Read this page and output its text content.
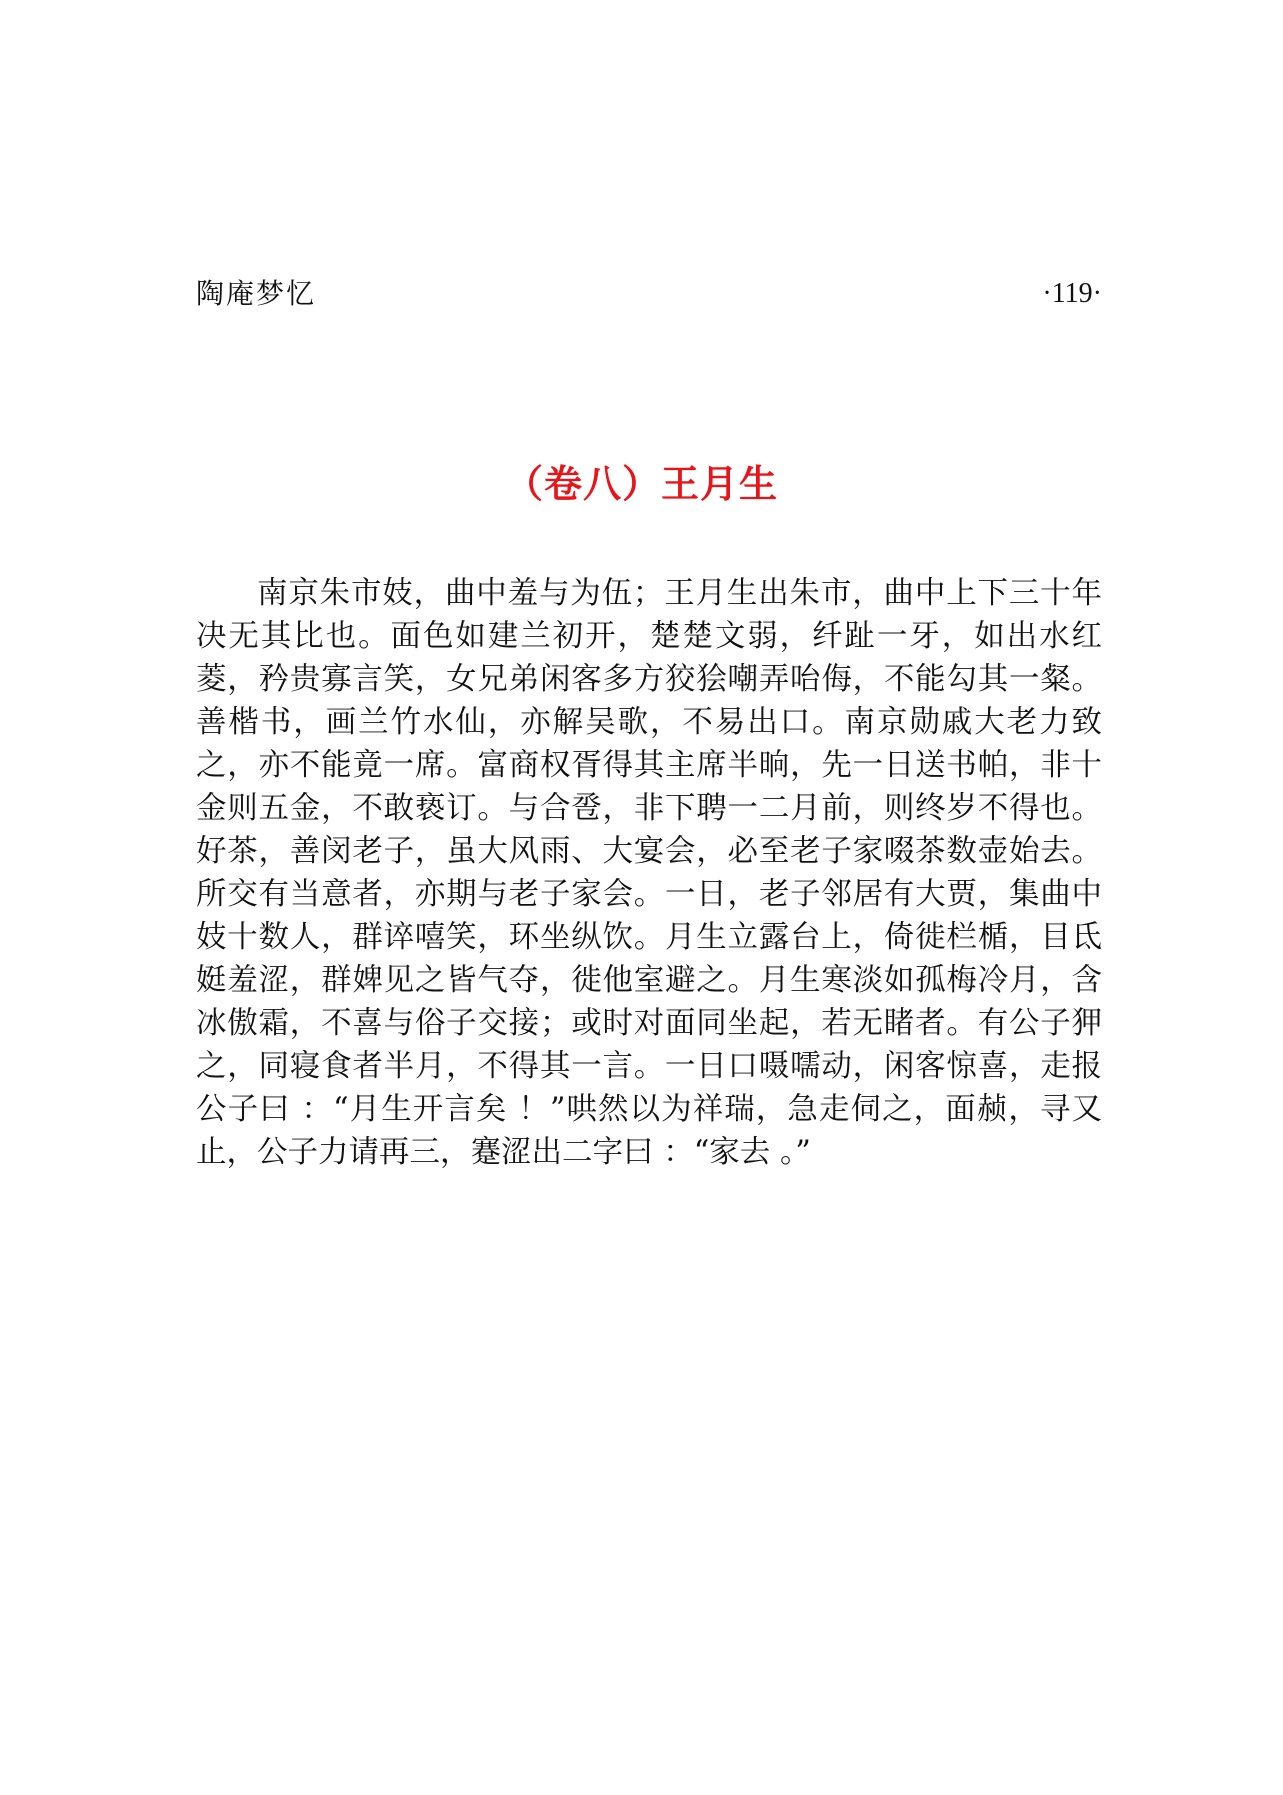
陶庵梦忆	·119·
（卷八）王月生

南京朱市妓，曲中羞与为伍；王月生出朱市，曲中上下三十年决无其比也。面色如建兰初开，楚楚文弱，纤趾一牙，如出水红菱，矜贵寡言笑，女兄弟闲客多方狡狯嘲弄咍侮，不能勾其一粲。善楷书，画兰竹水仙，亦解吴歌，不易出口。南京勋戚大老力致之，亦不能竟一席。富商权胥得其主席半晌，先一日送书帕，非十金则五金，不敢亵订。与合卺，非下聘一二月前，则终岁不得也。好茶，善闵老子，虽大风雨、大宴会，必至老子家啜茶数壶始去。所交有当意者，亦期与老子家会。一日，老子邻居有大贾，集曲中妓十数人，群谇嘻笑，环坐纵饮。月生立露台上，倚徙栏楯，目氐娗羞涩，群婢见之皆气夺，徙他室避之。月生寒淡如孤梅冷月，含冰傲霜，不喜与俗子交接；或时对面同坐起，若无睹者。有公子狎之，同寝食者半月，不得其一言。一日口嗫嚅动，闲客惊喜，走报公子曰 ：“月生开言矣 ！”哄然以为祥瑞，急走伺之，面赪，寻又止，公子力请再三，蹇涩出二字曰 ：“家去 。”
